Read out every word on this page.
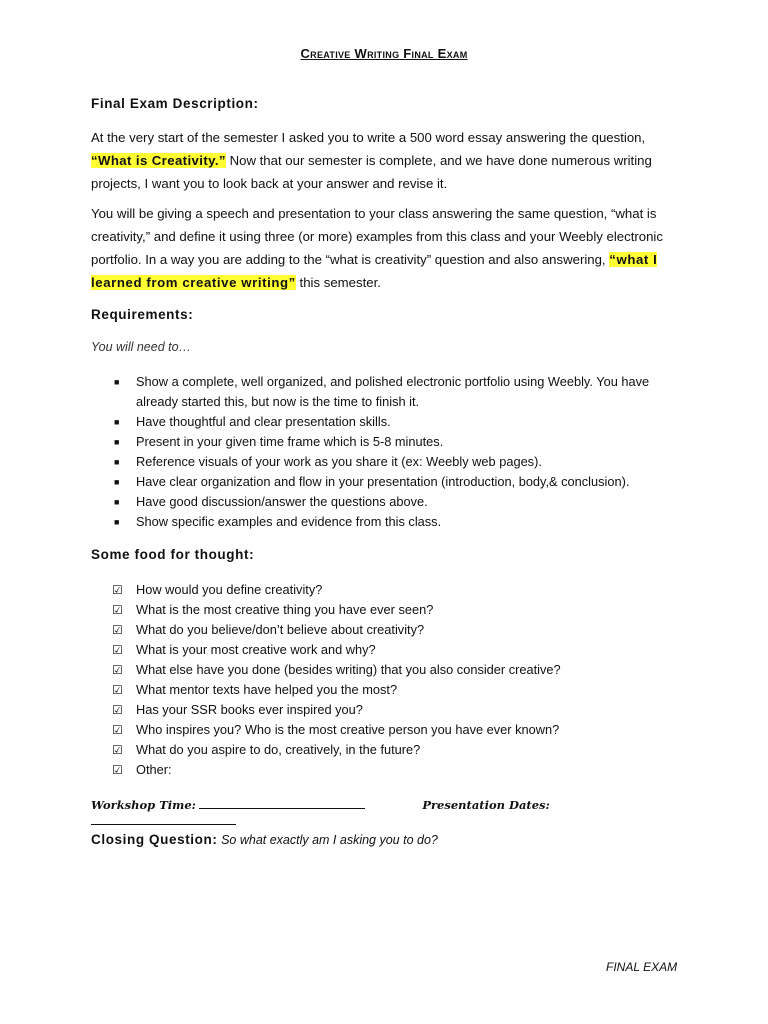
Creative Writing Final Exam
Final Exam Description:
At the very start of the semester I asked you to write a 500 word essay answering the question, “What is Creativity.” Now that our semester is complete, and we have done numerous writing projects, I want you to look back at your answer and revise it.
You will be giving a speech and presentation to your class answering the same question, “what is creativity,” and define it using three (or more) examples from this class and your Weebly electronic portfolio. In a way you are adding to the “what is creativity” question and also answering, “what I learned from creative writing” this semester.
Requirements:
You will need to…
■ Show a complete, well organized, and polished electronic portfolio using Weebly. You have already started this, but now is the time to finish it.
■ Have thoughtful and clear presentation skills.
■ Present in your given time frame which is 5-8 minutes.
■ Reference visuals of your work as you share it (ex: Weebly web pages).
■ Have clear organization and flow in your presentation (introduction, body,& conclusion).
■ Have good discussion/answer the questions above.
■ Show specific examples and evidence from this class.
Some food for thought:
☑ How would you define creativity?
☑ What is the most creative thing you have ever seen?
☑ What do you believe/don’t believe about creativity?
☑ What is your most creative work and why?
☑ What else have you done (besides writing) that you also consider creative?
☑ What mentor texts have helped you the most?
☑ Has your SSR books ever inspired you?
☑ Who inspires you? Who is the most creative person you have ever known?
☑ What do you aspire to do, creatively, in the future?
☑ Other:
Workshop Time:	Presentation Dates:
Closing Question: So what exactly am I asking you to do?
FINAL EXAM
